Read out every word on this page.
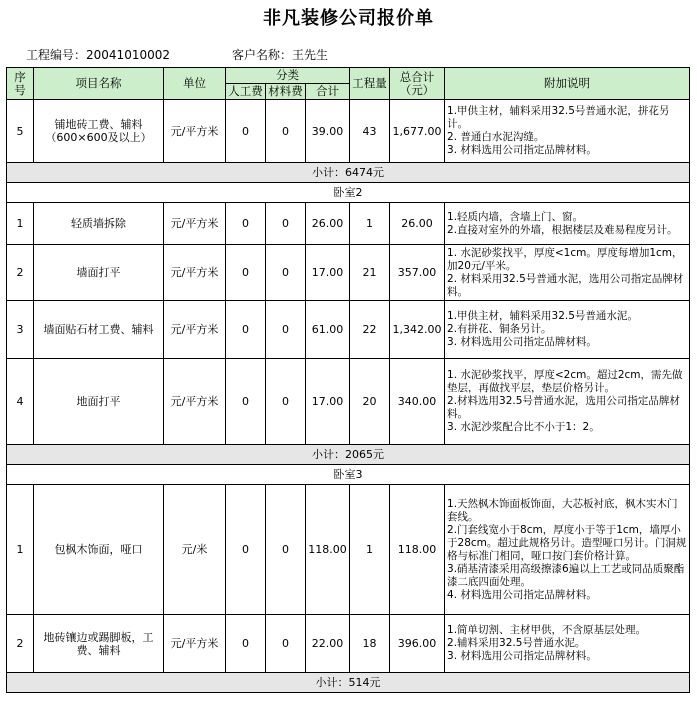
非凡装修公司报价单
工程编号：20041010002	客户名称：王先生
序号	项目名称	单位	分类			工程量	总合计（元）	附加说明
			人工费	材料费	合计			
5	铺地砖工费、辅料（600×600及以上）	元/平方米	0	0	39.00	43	1,677.00	1.甲供主材，辅料采用32.5号普通水泥，拼花另计。
2. 普通白水泥沟缝。
3. 材料选用公司指定品牌材料。

小计：6474元								
卧室2								
1	轻质墙拆除	元/平方米	0	0	26.00	1	26.00	1.轻质内墙，含墙上门、窗。
2.直接对室外的外墙，根据楼层及难易程度另计。

2	墙面打平	元/平方米	0	0	17.00	21	357.00	1. 水泥砂浆找平，厚度<1cm。厚度每增加1cm，加20元/平米。
2. 材料采用32.5号普通水泥，选用公司指定品牌材料。

3	墙面贴石材工费、辅料	元/平方米	0	0	61.00	22	1,342.00	1.甲供主材，辅料采用32.5号普通水泥。
2.有拼花、铜条另计。
3. 材料选用公司指定品牌材料。

4	地面打平	元/平方米	0	0	17.00	20	340.00	1. 水泥砂浆找平，厚度<2cm。超过2cm，需先做垫层，再做找平层，垫层价格另计。
2.材料选用32.5号普通水泥，选用公司指定品牌材料。
3. 水泥沙浆配合比不小于1：2。

小计：2065元								
卧室3								
1	包枫木饰面，哑口	元/米	0	0	118.00	1	118.00	1.天然枫木饰面板饰面，大芯板衬底，枫木实木门套线。
2.门套线宽小于8cm，厚度小于等于1cm，墙厚小于28cm。超过此规格另计。造型哑口另计。门洞规格与标准门相同，哑口按门套价格计算。
3.硝基清漆采用高级擦漆6遍以上工艺或同品质聚酯漆二底四面处理。
4. 材料选用公司指定品牌材料。

2	地砖镶边或踢脚板，工费、辅料	元/平方米	0	0	22.00	18	396.00	1.简单切割、主材甲供，不含原基层处理。
2.辅料采用32.5号普通水泥。
3. 材料选用公司指定品牌材料。

小计：514元								
